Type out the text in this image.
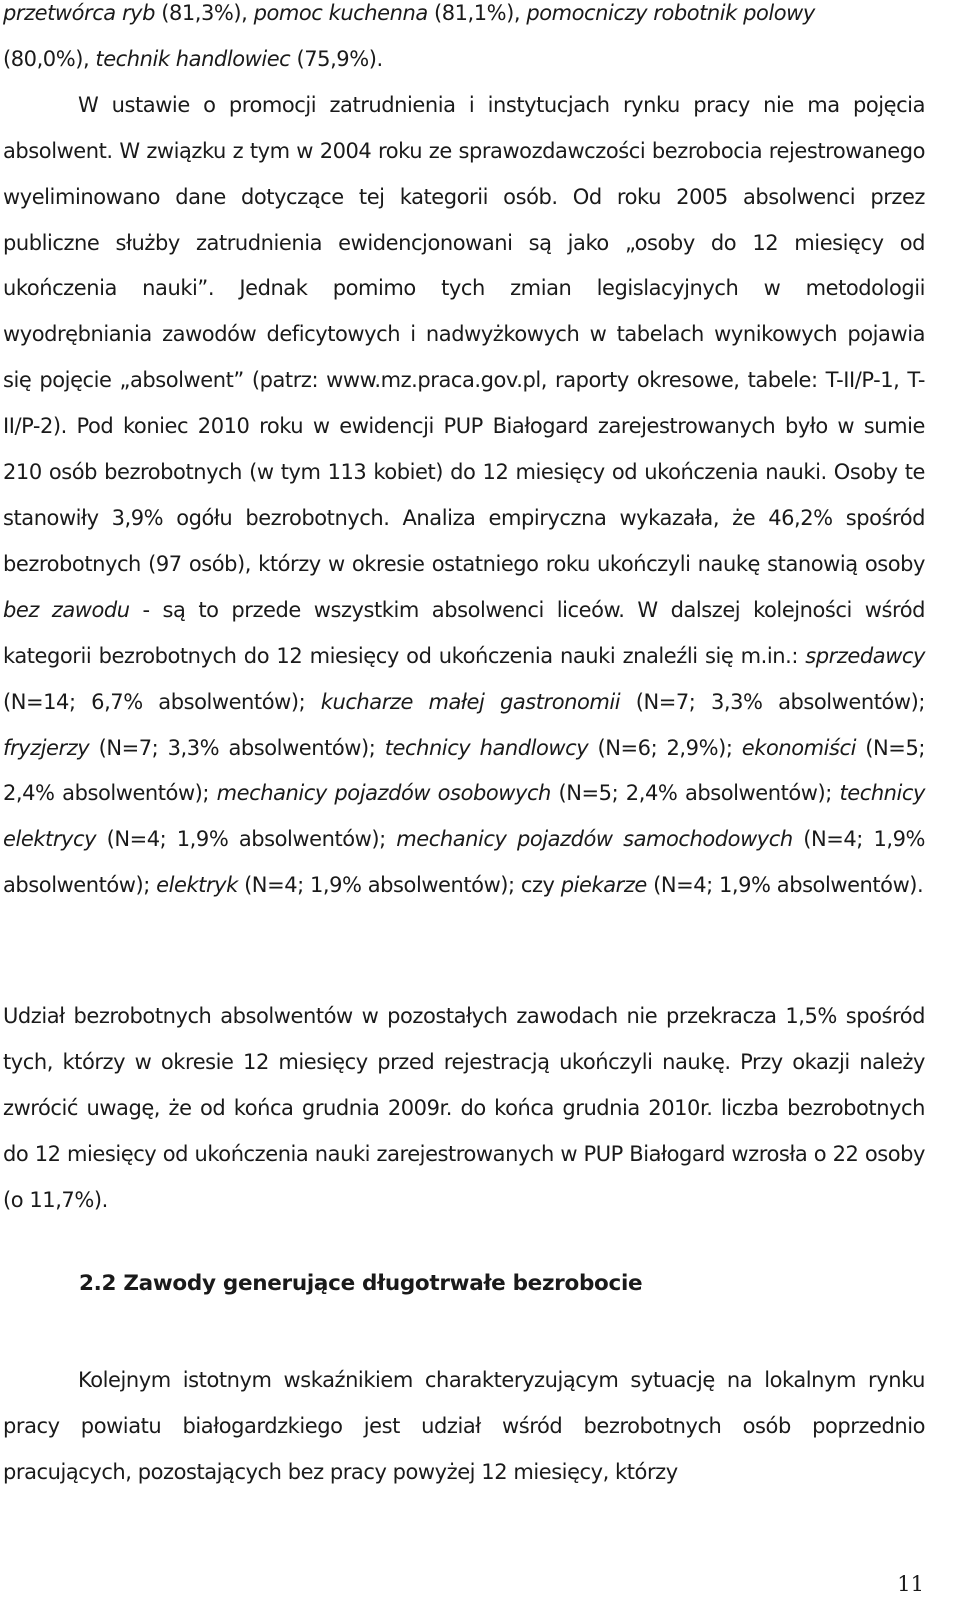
przetwórca ryb (81,3%), pomoc kuchenna (81,1%), pomocniczy robotnik polowy
(80,0%), technik handlowiec (75,9%).

W ustawie o promocji zatrudnienia i instytucjach rynku pracy nie ma pojęcia absolwent. W związku z tym w 2004 roku ze sprawozdawczości bezrobocia rejestrowanego wyeliminowano dane dotyczące tej kategorii osób. Od roku 2005 absolwenci przez publiczne służby zatrudnienia ewidencjonowani są jako „osoby do 12 miesięcy od ukończenia nauki”. Jednak pomimo tych zmian legislacyjnych w metodologii wyodrębniania zawodów deficytowych i nadwyżkowych w tabelach wynikowych pojawia się pojęcie „absolwent” (patrz: www.mz.praca.gov.pl, raporty okresowe, tabele: T-II/P-1, T-II/P-2). Pod koniec 2010 roku w ewidencji PUP Białogard zarejestrowanych było w sumie 210 osób bezrobotnych (w tym 113 kobiet) do 12 miesięcy od ukończenia nauki. Osoby te stanowiły 3,9% ogółu bezrobotnych. Analiza empiryczna wykazała, że 46,2% spośród bezrobotnych (97 osób), którzy w okresie ostatniego roku ukończyli naukę stanowią osoby bez zawodu - są to przede wszystkim absolwenci liceów. W dalszej kolejności wśród kategorii bezrobotnych do 12 miesięcy od ukończenia nauki znaleźli się m.in.: sprzedawcy (N=14; 6,7% absolwentów); kucharze małej gastronomii (N=7; 3,3% absolwentów); fryzjerzy (N=7; 3,3% absolwentów); technicy handlowcy (N=6; 2,9%); ekonomiści (N=5; 2,4% absolwentów); mechanicy pojazdów osobowych (N=5; 2,4% absolwentów); technicy elektrycy (N=4; 1,9% absolwentów); mechanicy pojazdów samochodowych (N=4; 1,9% absolwentów); elektryk (N=4; 1,9% absolwentów); czy piekarze (N=4; 1,9% absolwentów).

Udział bezrobotnych absolwentów w pozostałych zawodach nie przekracza 1,5% spośród tych, którzy w okresie 12 miesięcy przed rejestracją ukończyli naukę. Przy okazji należy zwrócić uwagę, że od końca grudnia 2009r. do końca grudnia 2010r. liczba bezrobotnych do 12 miesięcy od ukończenia nauki zarejestrowanych w PUP Białogard wzrosła o 22 osoby (o 11,7%).

2.2 Zawody generujące długotrwałe bezrobocie

Kolejnym istotnym wskaźnikiem charakteryzującym sytuację na lokalnym rynku pracy powiatu białogardzkiego jest udział wśród bezrobotnych osób poprzednio pracujących, pozostających bez pracy powyżej 12 miesięcy, którzy

11
